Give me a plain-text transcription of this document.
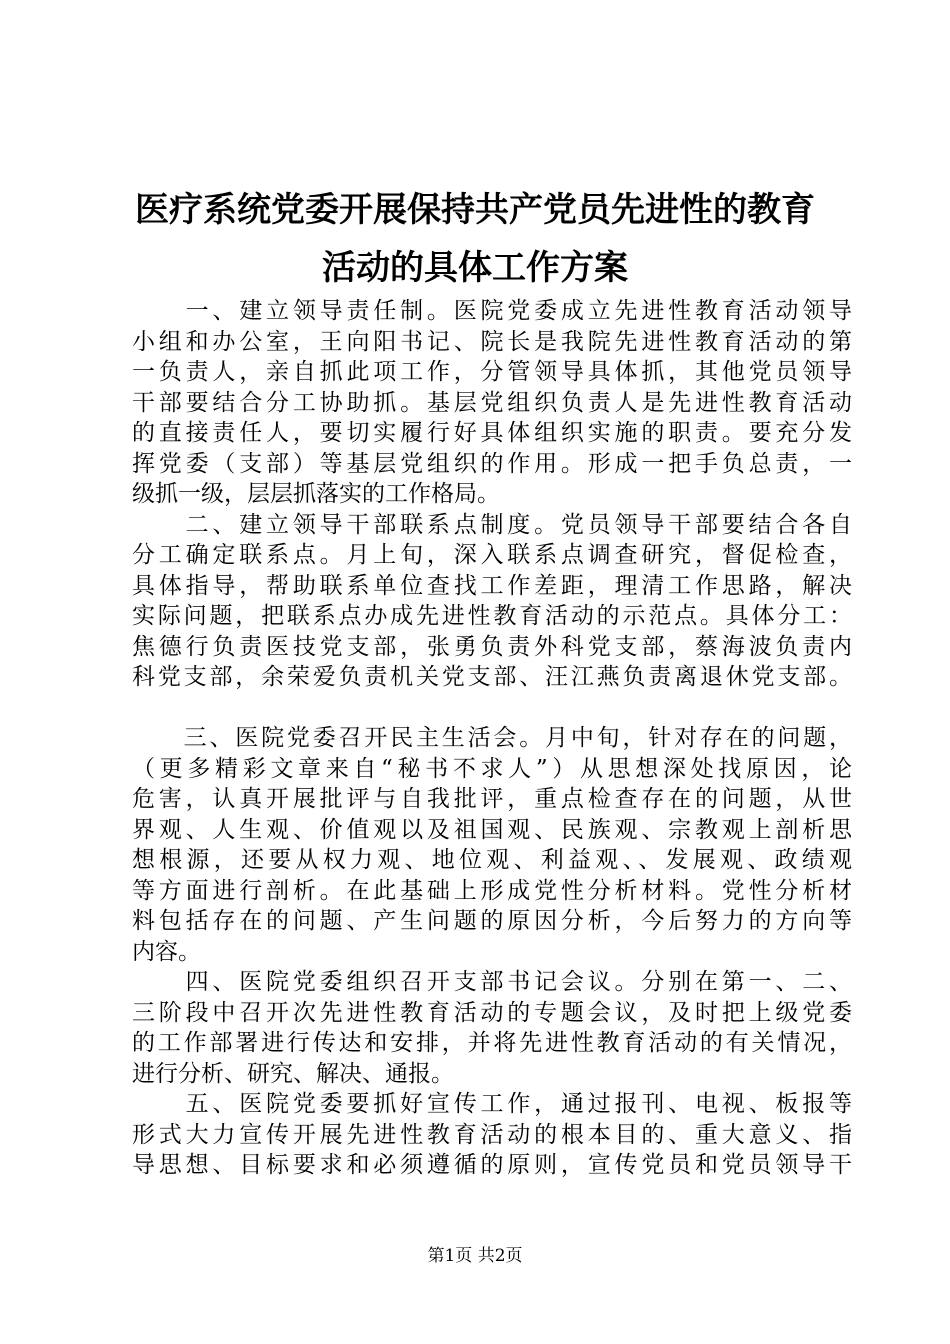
医疗系统党委开展保持共产党员先进性的教育
活动的具体工作方案
　　一、建立领导责任制。医院党委成立先进性教育活动领导
小组和办公室，王向阳书记、院长是我院先进性教育活动的第
一负责人，亲自抓此项工作，分管领导具体抓，其他党员领导
干部要结合分工协助抓。基层党组织负责人是先进性教育活动
的直接责任人，要切实履行好具体组织实施的职责。要充分发
挥党委（支部）等基层党组织的作用。形成一把手负总责，一
级抓一级，层层抓落实的工作格局。
　　二、建立领导干部联系点制度。党员领导干部要结合各自
分工确定联系点。月上旬，深入联系点调查研究，督促检查，
具体指导，帮助联系单位查找工作差距，理清工作思路，解决
实际问题，把联系点办成先进性教育活动的示范点。具体分工：
焦德行负责医技党支部，张勇负责外科党支部，蔡海波负责内
科党支部，余荣爱负责机关党支部、汪江燕负责离退休党支部。
　　三、医院党委召开民主生活会。月中旬，针对存在的问题，
（更多精彩文章来自“秘书不求人”）从思想深处找原因，论
危害，认真开展批评与自我批评，重点检查存在的问题，从世
界观、人生观、价值观以及祖国观、民族观、宗教观上剖析思
想根源，还要从权力观、地位观、利益观、、发展观、政绩观
等方面进行剖析。在此基础上形成党性分析材料。党性分析材
料包括存在的问题、产生问题的原因分析，今后努力的方向等
内容。
　　四、医院党委组织召开支部书记会议。分别在第一、二、
三阶段中召开次先进性教育活动的专题会议，及时把上级党委
的工作部署进行传达和安排，并将先进性教育活动的有关情况，
进行分析、研究、解决、通报。
　　五、医院党委要抓好宣传工作，通过报刊、电视、板报等
形式大力宣传开展先进性教育活动的根本目的、重大意义、指
导思想、目标要求和必须遵循的原则，宣传党员和党员领导干
第1页 共2页
